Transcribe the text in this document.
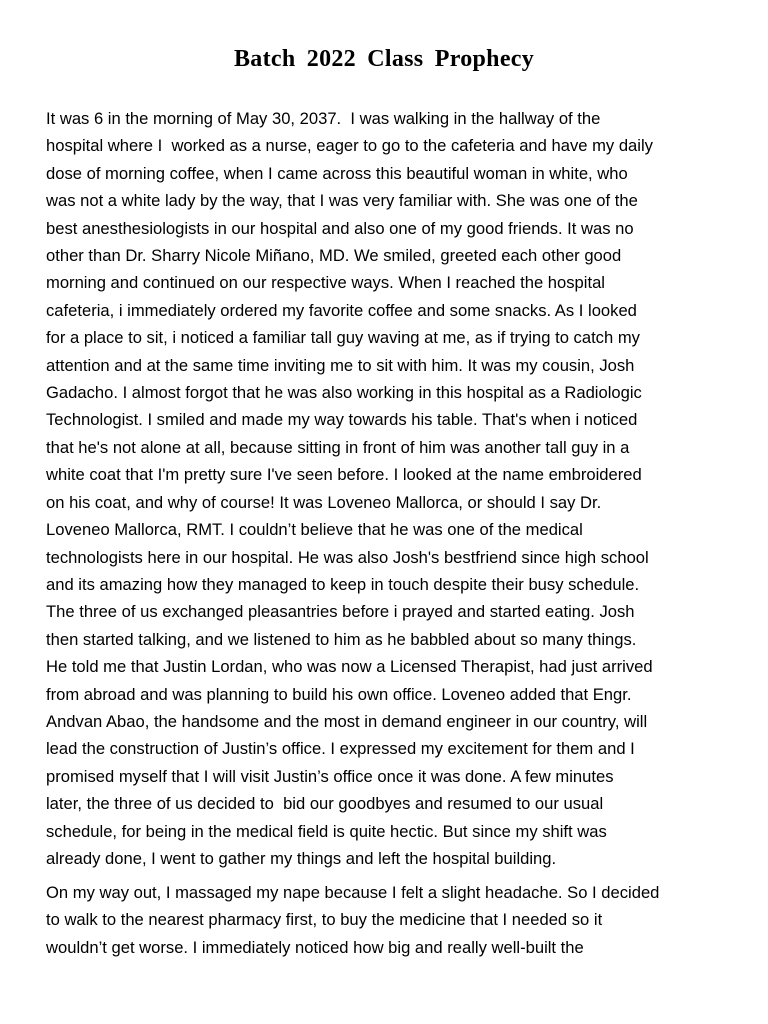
Batch 2022 Class Prophecy
It was 6 in the morning of May 30, 2037.  I was walking in the hallway of the
hospital where I  worked as a nurse, eager to go to the cafeteria and have my daily
dose of morning coffee, when I came across this beautiful woman in white, who
was not a white lady by the way, that I was very familiar with. She was one of the
best anesthesiologists in our hospital and also one of my good friends. It was no
other than Dr. Sharry Nicole Miñano, MD. We smiled, greeted each other good
morning and continued on our respective ways. When I reached the hospital
cafeteria, i immediately ordered my favorite coffee and some snacks. As I looked
for a place to sit, i noticed a familiar tall guy waving at me, as if trying to catch my
attention and at the same time inviting me to sit with him. It was my cousin, Josh
Gadacho. I almost forgot that he was also working in this hospital as a Radiologic
Technologist. I smiled and made my way towards his table. That's when i noticed
that he's not alone at all, because sitting in front of him was another tall guy in a
white coat that I'm pretty sure I've seen before. I looked at the name embroidered
on his coat, and why of course! It was Loveneo Mallorca, or should I say Dr.
Loveneo Mallorca, RMT. I couldn’t believe that he was one of the medical
technologists here in our hospital. He was also Josh's bestfriend since high school
and its amazing how they managed to keep in touch despite their busy schedule.
The three of us exchanged pleasantries before i prayed and started eating. Josh
then started talking, and we listened to him as he babbled about so many things.
He told me that Justin Lordan, who was now a Licensed Therapist, had just arrived
from abroad and was planning to build his own office. Loveneo added that Engr.
Andvan Abao, the handsome and the most in demand engineer in our country, will
lead the construction of Justin’s office. I expressed my excitement for them and I
promised myself that I will visit Justin’s office once it was done. A few minutes
later, the three of us decided to  bid our goodbyes and resumed to our usual
schedule, for being in the medical field is quite hectic. But since my shift was
already done, I went to gather my things and left the hospital building.
On my way out, I massaged my nape because I felt a slight headache. So I decided
to walk to the nearest pharmacy first, to buy the medicine that I needed so it
wouldn’t get worse. I immediately noticed how big and really well-built the
